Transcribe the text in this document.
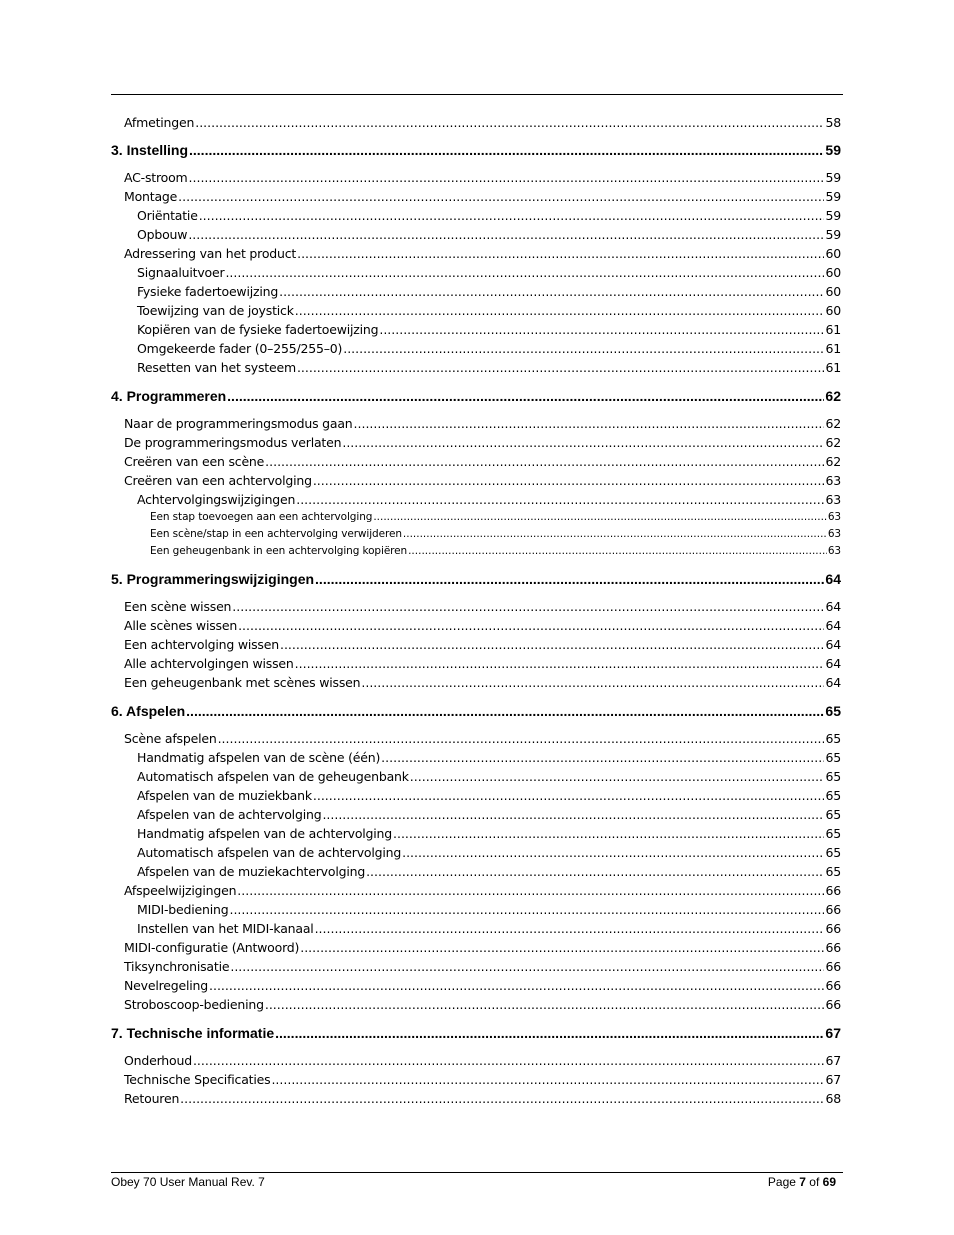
Afmetingen .....	58
3. Instelling .....	59
AC-stroom .....	59
Montage .....	59
Oriëntatie .....	59
Opbouw .....	59
Adressering van het product .....	60
Signaaluitvoer .....	60
Fysieke fadertoewijzing .....	60
Toewijzing van de joystick .....	60
Kopiëren van de fysieke fadertoewijzing .....	61
Omgekeerde fader (0–255/255–0) .....	61
Resetten van het systeem .....	61
4. Programmeren .....	62
Naar de programmeringsmodus gaan .....	62
De programmeringsmodus verlaten .....	62
Creëren van een scène .....	62
Creëren van een achtervolging .....	63
Achtervolgingswijzigingen .....	63
Een stap toevoegen aan een achtervolging .....	63
Een scène/stap in een achtervolging verwijderen .....	63
Een geheugenbank in een achtervolging kopiëren .....	63
5. Programmeringswijzigingen .....	64
Een scène wissen .....	64
Alle scènes wissen .....	64
Een achtervolging wissen .....	64
Alle achtervolgingen wissen .....	64
Een geheugenbank met scènes wissen .....	64
6. Afspelen .....	65
Scène afspelen .....	65
Handmatig afspelen van de scène (één) .....	65
Automatisch afspelen van de geheugenbank .....	65
Afspelen van de muziekbank .....	65
Afspelen van de achtervolging .....	65
Handmatig afspelen van de achtervolging .....	65
Automatisch afspelen van de achtervolging .....	65
Afspelen van de muziekachtervolging .....	65
Afspeelwijzigingen .....	66
MIDI-bediening .....	66
Instellen van het MIDI-kanaal .....	66
MIDI-configuratie (Antwoord) .....	66
Tiksynchronisatie .....	66
Nevelregeling .....	66
Stroboscoop-bediening .....	66
7. Technische informatie .....	67
Onderhoud .....	67
Technische Specificaties .....	67
Retouren .....	68
Obey 70 User Manual Rev. 7	Page 7 of 69
